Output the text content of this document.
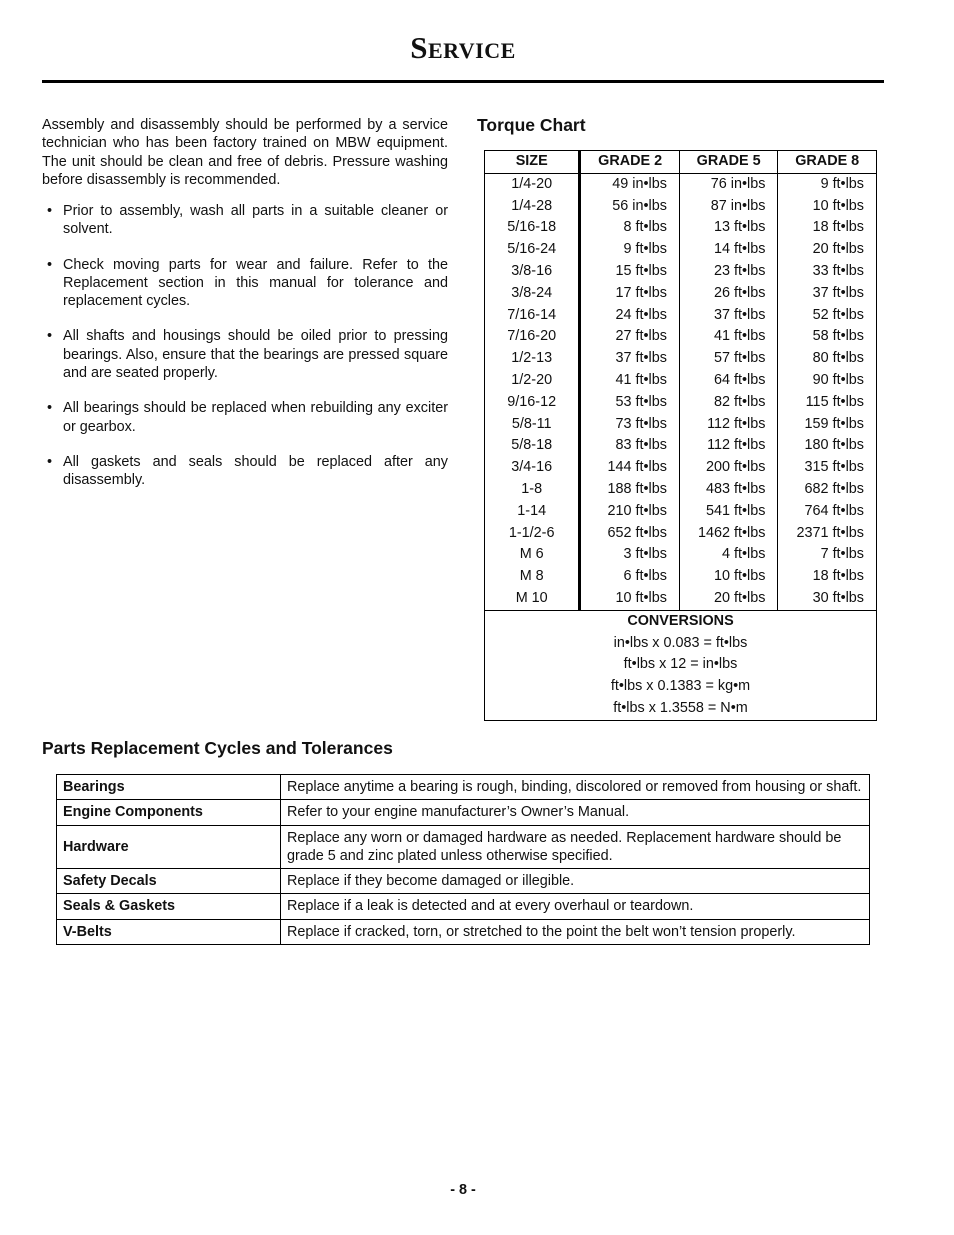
Service

Assembly and disassembly should be performed by a service technician who has been factory trained on MBW equipment. The unit should be clean and free of debris. Pressure washing before disassembly is recommended.

• Prior to assembly, wash all parts in a suitable cleaner or solvent.
• Check moving parts for wear and failure. Refer to the Replacement section in this manual for tolerance and replacement cycles.
• All shafts and housings should be oiled prior to pressing bearings. Also, ensure that the bearings are pressed square and are seated properly.
• All bearings should be replaced when rebuilding any exciter or gearbox.
• All gaskets and seals should be replaced after any disassembly.
Torque Chart
SIZE	GRADE 2	GRADE 5	GRADE 8
1/4-20	49 in•lbs	76 in•lbs	9 ft•lbs
1/4-28	56 in•lbs	87 in•lbs	10 ft•lbs
5/16-18	8 ft•lbs	13 ft•lbs	18 ft•lbs
5/16-24	9 ft•lbs	14 ft•lbs	20 ft•lbs
3/8-16	15 ft•lbs	23 ft•lbs	33 ft•lbs
3/8-24	17 ft•lbs	26 ft•lbs	37 ft•lbs
7/16-14	24 ft•lbs	37 ft•lbs	52 ft•lbs
7/16-20	27 ft•lbs	41 ft•lbs	58 ft•lbs
1/2-13	37 ft•lbs	57 ft•lbs	80 ft•lbs
1/2-20	41 ft•lbs	64 ft•lbs	90 ft•lbs
9/16-12	53 ft•lbs	82 ft•lbs	115 ft•lbs
5/8-11	73 ft•lbs	112 ft•lbs	159 ft•lbs
5/8-18	83 ft•lbs	112 ft•lbs	180 ft•lbs
3/4-16	144 ft•lbs	200 ft•lbs	315 ft•lbs
1-8	188 ft•lbs	483 ft•lbs	682 ft•lbs
1-14	210 ft•lbs	541 ft•lbs	764 ft•lbs
1-1/2-6	652 ft•lbs	1462 ft•lbs	2371 ft•lbs
M 6	3 ft•lbs	4 ft•lbs	7 ft•lbs
M 8	6 ft•lbs	10 ft•lbs	18 ft•lbs
M 10	10 ft•lbs	20 ft•lbs	30 ft•lbs
CONVERSIONS			
in•lbs x 0.083 = ft•lbs			
ft•lbs x 12 = in•lbs			
ft•lbs x 0.1383 = kg•m			
ft•lbs x 1.3558 = N•m			
Parts Replacement Cycles and Tolerances
Bearings	Replace anytime a bearing is rough, binding, discolored or removed from housing or shaft.
Engine Components	Refer to your engine manufacturer’s Owner’s Manual.
Hardware	Replace any worn or damaged hardware as needed. Replacement hardware should be grade 5 and zinc plated unless otherwise specified.
Safety Decals	Replace if they become damaged or illegible.
Seals & Gaskets	Replace if a leak is detected and at every overhaul or teardown.
V-Belts	Replace if cracked, torn, or stretched to the point the belt won’t tension properly.
- 8 -
